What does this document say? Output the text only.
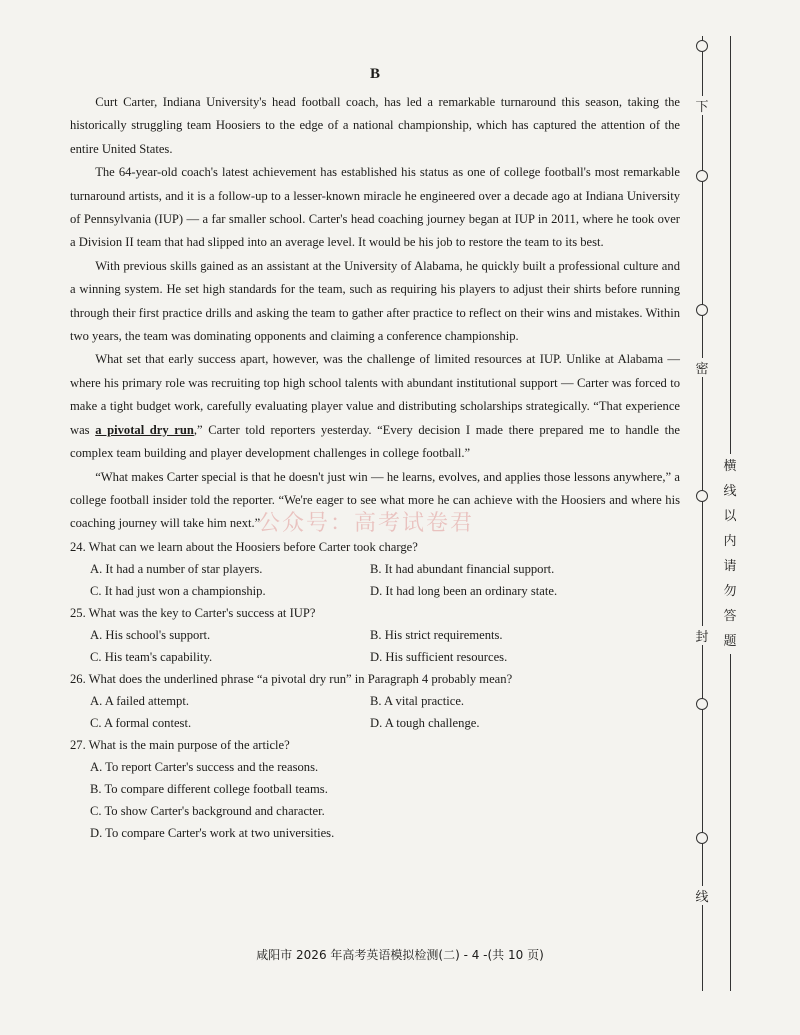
B

Curt Carter, Indiana University's head football coach, has led a remarkable turnaround this season, taking the historically struggling team Hoosiers to the edge of a national championship, which has captured the attention of the entire United States.

The 64-year-old coach's latest achievement has established his status as one of college football's most remarkable turnaround artists, and it is a follow-up to a lesser-known miracle he engineered over a decade ago at Indiana University of Pennsylvania (IUP) — a far smaller school. Carter's head coaching journey began at IUP in 2011, where he took over a Division II team that had slipped into an average level. It would be his job to restore the team to its best.

With previous skills gained as an assistant at the University of Alabama, he quickly built a professional culture and a winning system. He set high standards for the team, such as requiring his players to adjust their shirts before running through their first practice drills and asking the team to gather after practice to reflect on their wins and mistakes. Within two years, the team was dominating opponents and claiming a conference championship.

What set that early success apart, however, was the challenge of limited resources at IUP. Unlike at Alabama — where his primary role was recruiting top high school talents with abundant institutional support — Carter was forced to make a tight budget work, carefully evaluating player value and distributing scholarships strategically. “That experience was a pivotal dry run,” Carter told reporters yesterday. “Every decision I made there prepared me to handle the complex team building and player development challenges in college football.”

“What makes Carter special is that he doesn't just win — he learns, evolves, and applies those lessons anywhere,” a college football insider told the reporter. “We're eager to see what more he can achieve with the Hoosiers and where his coaching journey will take him next.”

24. What can we learn about the Hoosiers before Carter took charge?

A. It had a number of star players.	B. It had abundant financial support.
C. It had just won a championship.	D. It had long been an ordinary state.

25. What was the key to Carter's success at IUP?

A. His school's support.	B. His strict requirements.
C. His team's capability.	D. His sufficient resources.

26. What does the underlined phrase “a pivotal dry run” in Paragraph 4 probably mean?

A. A failed attempt.	B. A vital practice.
C. A formal contest.	D. A tough challenge.

27. What is the main purpose of the article?

A. To report Carter's success and the reasons.
B. To compare different college football teams.
C. To show Carter's background and character.
D. To compare Carter's work at two universities.
公众号：高考试卷君
咸阳市 2026 年高考英语模拟检测(二) - 4 -(共 10 页)
下
密
封
线
横
线
以
内
请
勿
答
题
